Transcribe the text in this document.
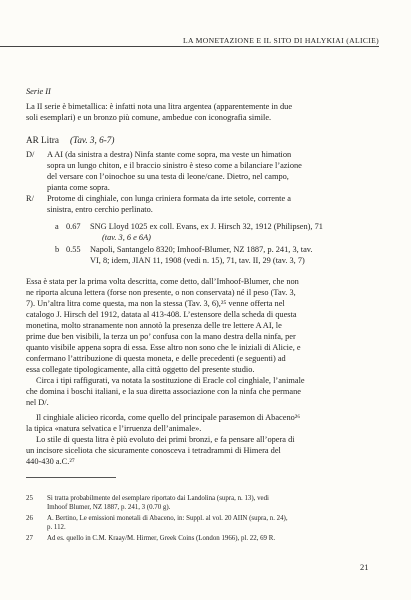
LA MONETAZIONE E IL SITO DI HALYKIAI (ALICIE)
Serie II
La II serie è bimetallica: è infatti nota una litra argentea (apparentemente in due
soli esemplari) e un bronzo più comune, ambedue con iconografia simile.
AR Litra (Tav. 3, 6-7)
D/ A AI (da sinistra a destra) Ninfa stante come sopra, ma veste un himation
sopra un lungo chiton, e il braccio sinistro è steso come a bilanciare l’azione
del versare con l’oinochoe su una testa di leone/cane. Dietro, nel campo,
pianta come sopra.
R/ Protome di cinghiale, con lunga criniera formata da irte setole, corrente a
sinistra, entro cerchio perlinato.
a 0.67 SNG Lloyd 1025 ex coll. Evans, ex J. Hirsch 32, 1912 (Philipsen), 71
(tav. 3, 6 e 6A)
b 0.55 Napoli, Santangelo 8320; Imhoof-Blumer, NZ 1887, p. 241, 3, tav.
VI, 8; idem, JIAN 11, 1908 (vedi n. 15), 71, tav. II, 29 (tav. 3, 7)
Essa è stata per la prima volta descritta, come detto, dall’Imhoof-Blumer, che non
ne riporta alcuna lettera (forse non presente, o non conservata) né il peso (Tav. 3,
7). Un’altra litra come questa, ma non la stessa (Tav. 3, 6),²⁵ venne offerta nel
catalogo J. Hirsch del 1912, datata al 413-408. L’estensore della scheda di questa
monetina, molto stranamente non annotò la presenza delle tre lettere A AI, le
prime due ben visibili, la terza un po’ confusa con la mano destra della ninfa, per
quanto visibile appena sopra di essa. Esse altro non sono che le iniziali di Alicie, e
confermano l’attribuzione di questa moneta, e delle precedenti (e seguenti) ad
essa collegate tipologicamente, alla città oggetto del presente studio.
Circa i tipi raffigurati, va notata la sostituzione di Eracle col cinghiale, l’animale
che domina i boschi italiani, e la sua diretta associazione con la ninfa che permane
nel D/.
Il cinghiale alicieo ricorda, come quello del principale parasemon di Abaceno²⁶
la tipica «natura selvatica e l’irruenza dell’animale».
Lo stile di questa litra è più evoluto dei primi bronzi, e fa pensare all’opera di
un incisore siceliota che sicuramente conosceva i tetradrammi di Himera del
440-430 a.C.²⁷
25 Si tratta probabilmente del esemplare riportato dai Landolina (supra, n. 13), vedi
Imhoof Blumer, NZ 1887, p. 241, 3 (0.70 g).
26 A. Bertino, Le emissioni monetali di Abaceno, in: Suppl. al vol. 20 AIIN (supra, n. 24),
p. 112.
27 Ad es. quello in C.M. Kraay/M. Hirmer, Greek Coins (London 1966), pl. 22, 69 R.
21
